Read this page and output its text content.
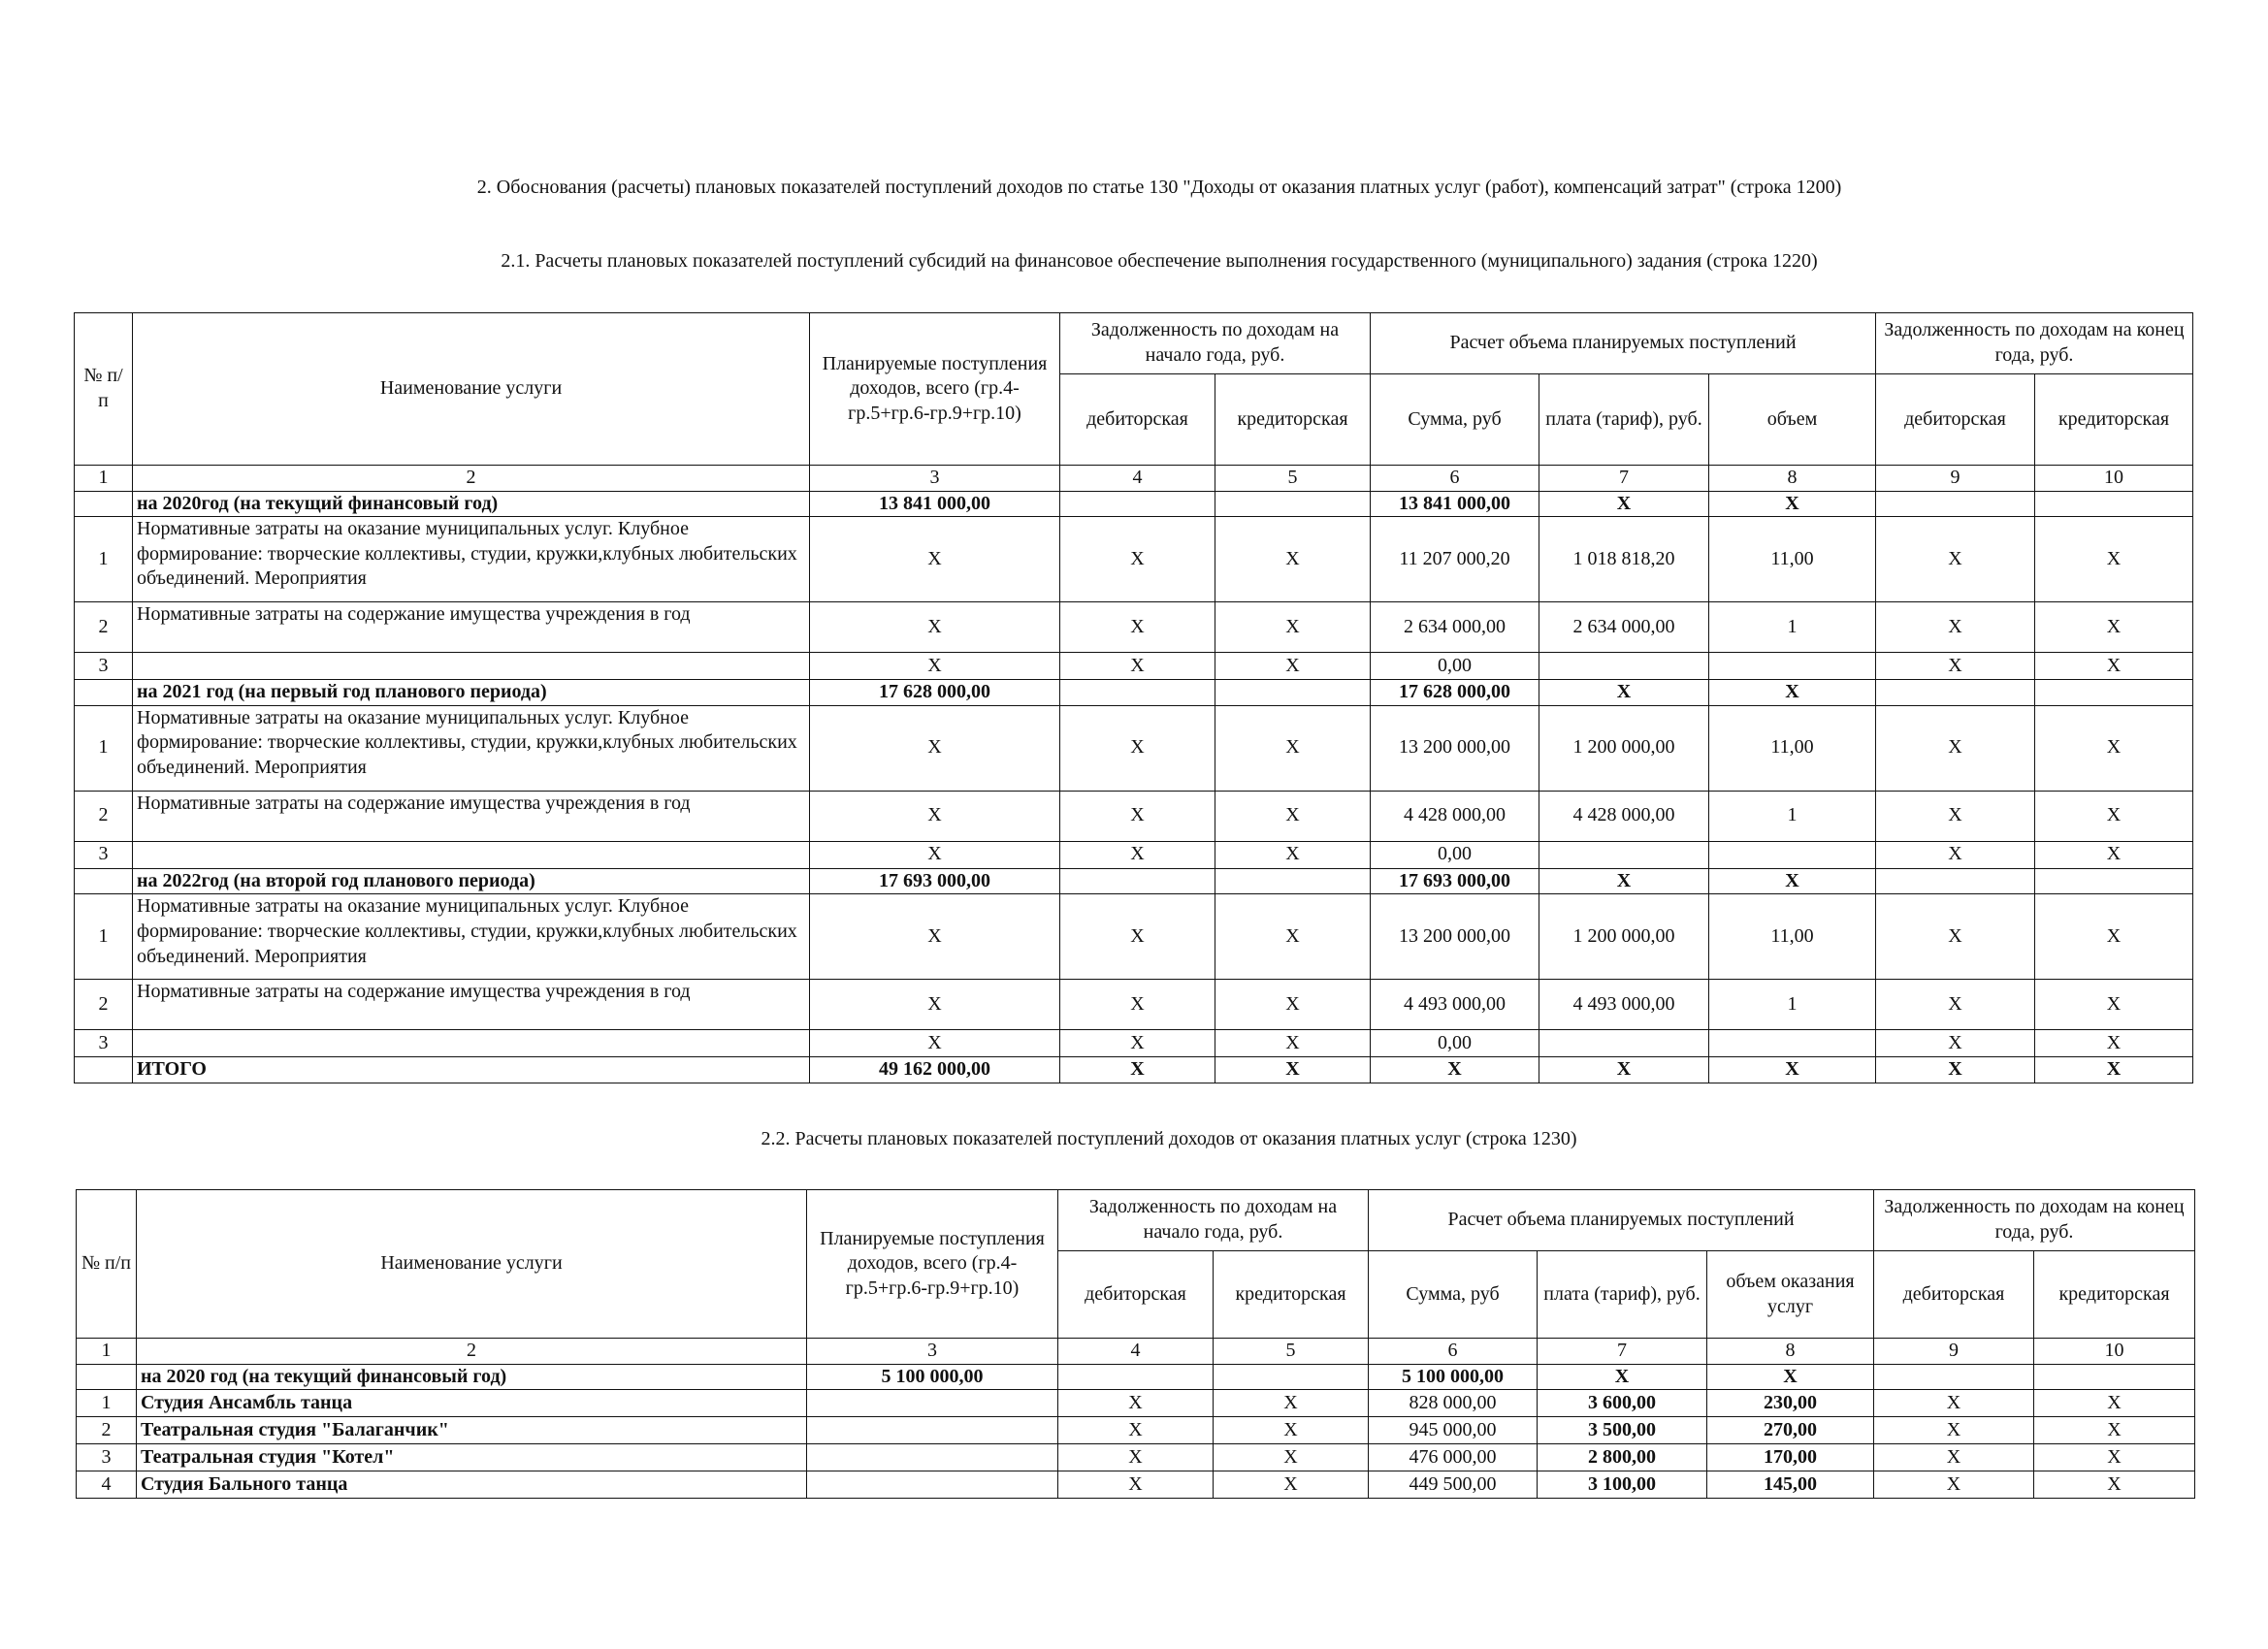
2. Обоснования (расчеты) плановых показателей поступлений доходов по статье 130 "Доходы от оказания платных услуг (работ), компенсаций затрат" (строка 1200)
2.1. Расчеты плановых показателей поступлений субсидий на финансовое обеспечение выполнения государственного (муниципального) задания (строка 1220)
№ п/п	Наименование услуги	Планируемые поступления доходов, всего (гр.4-гр.5+гр.6-гр.9+гр.10)	Задолженность по доходам на начало года, руб.		Расчет объема планируемых поступлений			Задолженность по доходам на конец года, руб.	
			дебиторская	кредиторская	Сумма, руб	плата (тариф), руб.	объем	дебиторская	кредиторская
1	2	3	4	5	6	7	8	9	10
	на 2020год (на текущий финансовый год)	13 841 000,00			13 841 000,00	X	X		
1	Нормативные затраты на оказание муниципальных услуг. Клубное формирование: творческие коллективы, студии, кружки,клубных любительских объединений. Мероприятия	X	X	X	11 207 000,20	1 018 818,20	11,00	X	X
2	Нормативные затраты на содержание имущества учреждения в год	X	X	X	2 634 000,00	2 634 000,00	1	X	X
3		X	X	X	0,00			X	X
	на 2021 год (на первый год планового периода)	17 628 000,00			17 628 000,00	X	X		
1	Нормативные затраты на оказание муниципальных услуг. Клубное формирование: творческие коллективы, студии, кружки,клубных любительских объединений. Мероприятия	X	X	X	13 200 000,00	1 200 000,00	11,00	X	X
2	Нормативные затраты на содержание имущества учреждения в год	X	X	X	4 428 000,00	4 428 000,00	1	X	X
3		X	X	X	0,00			X	X
	на 2022год (на второй год планового периода)	17 693 000,00			17 693 000,00	X	X		
1	Нормативные затраты на оказание муниципальных услуг. Клубное формирование: творческие коллективы, студии, кружки,клубных любительских объединений. Мероприятия	X	X	X	13 200 000,00	1 200 000,00	11,00	X	X
2	Нормативные затраты на содержание имущества учреждения в год	X	X	X	4 493 000,00	4 493 000,00	1	X	X
3		X	X	X	0,00			X	X
	ИТОГО	49 162 000,00	X	X	X	X	X	X	X
2.2. Расчеты плановых показателей поступлений доходов от оказания платных услуг (строка 1230)
№ п/п	Наименование услуги	Планируемые поступления доходов, всего (гр.4-гр.5+гр.6-гр.9+гр.10)	Задолженность по доходам на начало года, руб.		Расчет объема планируемых поступлений			Задолженность по доходам на конец года, руб.	
			дебиторская	кредиторская	Сумма, руб	плата (тариф), руб.	объем оказания услуг	дебиторская	кредиторская
1	2	3	4	5	6	7	8	9	10
	на 2020 год (на текущий финансовый год)	5 100 000,00			5 100 000,00	X	X		
1	Студия Ансамбль танца		X	X	828 000,00	3 600,00	230,00	X	X
2	Театральная студия "Балаганчик"		X	X	945 000,00	3 500,00	270,00	X	X
3	Театральная студия "Котел"		X	X	476 000,00	2 800,00	170,00	X	X
4	Студия Бального танца		X	X	449 500,00	3 100,00	145,00	X	X
